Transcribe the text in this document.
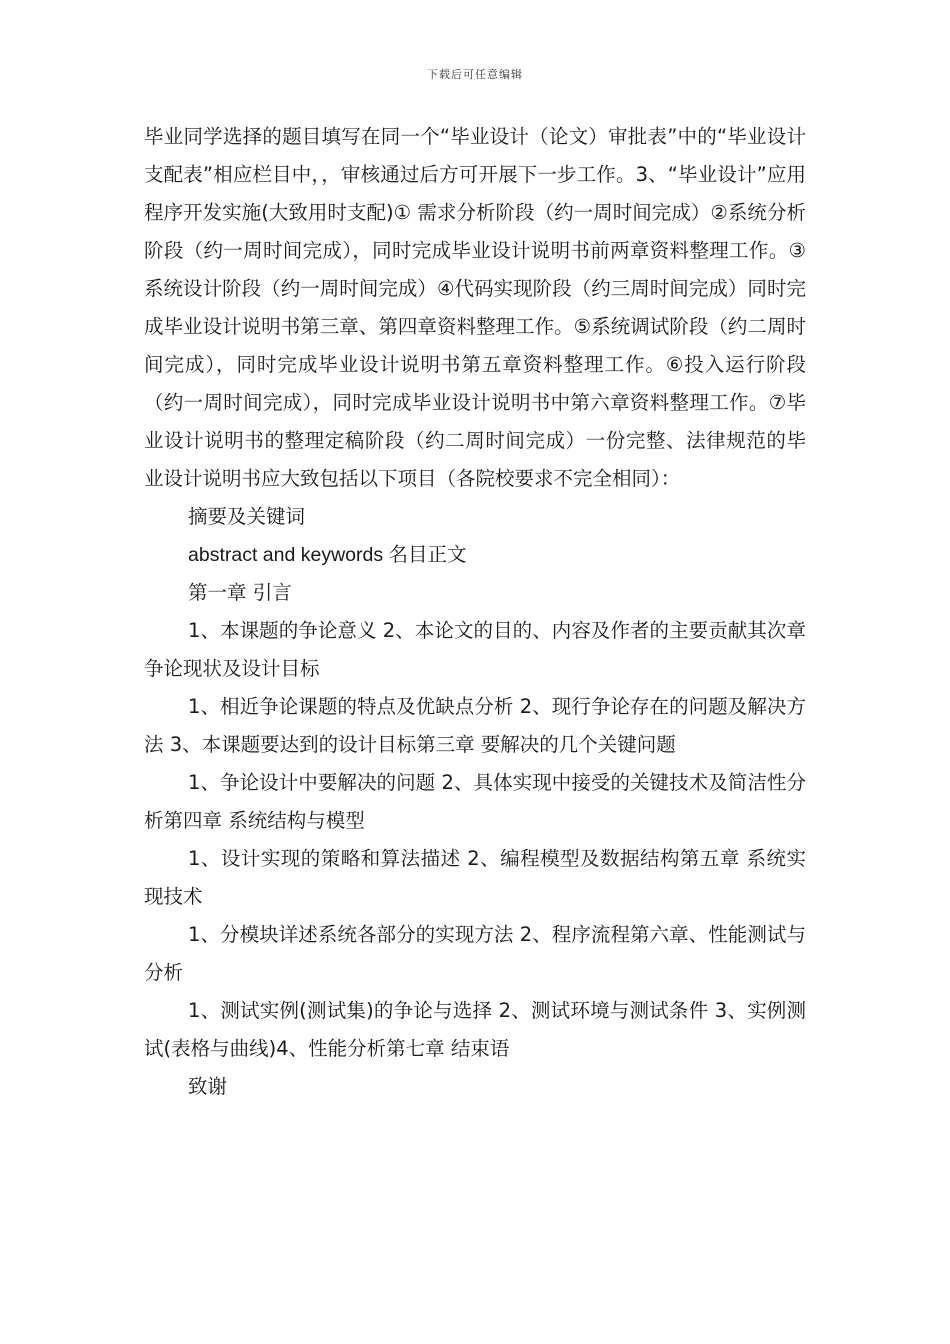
下载后可任意编辑

毕业同学选择的题目填写在同一个“毕业设计（论文）审批表”中的“毕业设计支配表”相应栏目中，，审核通过后方可开展下一步工作。3、“毕业设计”应用程序开发实施(大致用时支配)① 需求分析阶段（约一周时间完成）②系统分析阶段（约一周时间完成），同时完成毕业设计说明书前两章资料整理工作。③系统设计阶段（约一周时间完成）④代码实现阶段（约三周时间完成）同时完成毕业设计说明书第三章、第四章资料整理工作。⑤系统调试阶段（约二周时间完成），同时完成毕业设计说明书第五章资料整理工作。⑥投入运行阶段（约一周时间完成），同时完成毕业设计说明书中第六章资料整理工作。⑦毕业设计说明书的整理定稿阶段（约二周时间完成）一份完整、法律规范的毕业设计说明书应大致包括以下项目（各院校要求不完全相同）：

摘要及关键词

abstract and keywords 名目正文

第一章 引言

1、本课题的争论意义 2、本论文的目的、内容及作者的主要贡献其次章 争论现状及设计目标

1、相近争论课题的特点及优缺点分析 2、现行争论存在的问题及解决方法 3、本课题要达到的设计目标第三章 要解决的几个关键问题

1、争论设计中要解决的问题 2、具体实现中接受的关键技术及简洁性分析第四章 系统结构与模型

1、设计实现的策略和算法描述 2、编程模型及数据结构第五章 系统实现技术

1、分模块详述系统各部分的实现方法 2、程序流程第六章、性能测试与分析

1、测试实例(测试集)的争论与选择 2、测试环境与测试条件 3、实例测试(表格与曲线)4、性能分析第七章 结束语

致谢
